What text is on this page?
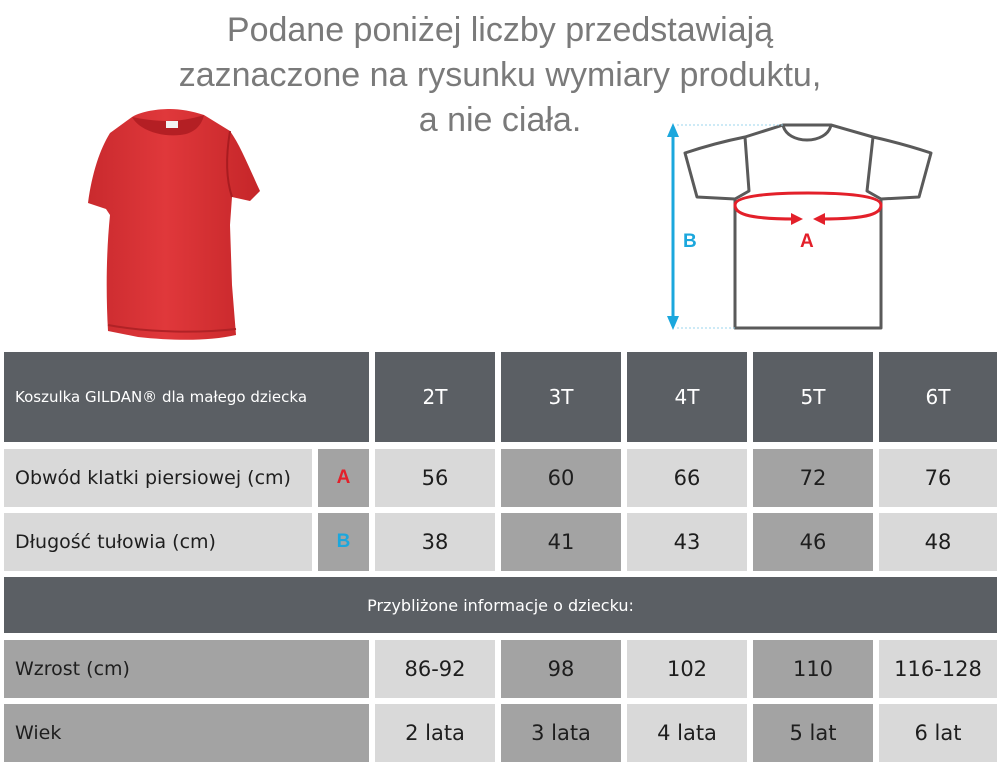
Podane poniżej liczby przedstawiają
zaznaczone na rysunku wymiary produktu,
a nie ciała.
B	A
Koszulka GILDAN® dla małego dziecka	2T	3T	4T	5T	6T
Obwód klatki piersiowej (cm)	A	56	60	66	72	76
Długość tułowia (cm)	B	38	41	43	46	48
Przybliżone informacje o dziecku:
Wzrost (cm)	86-92	98	102	110	116-128
Wiek	2 lata	3 lata	4 lata	5 lat	6 lat
